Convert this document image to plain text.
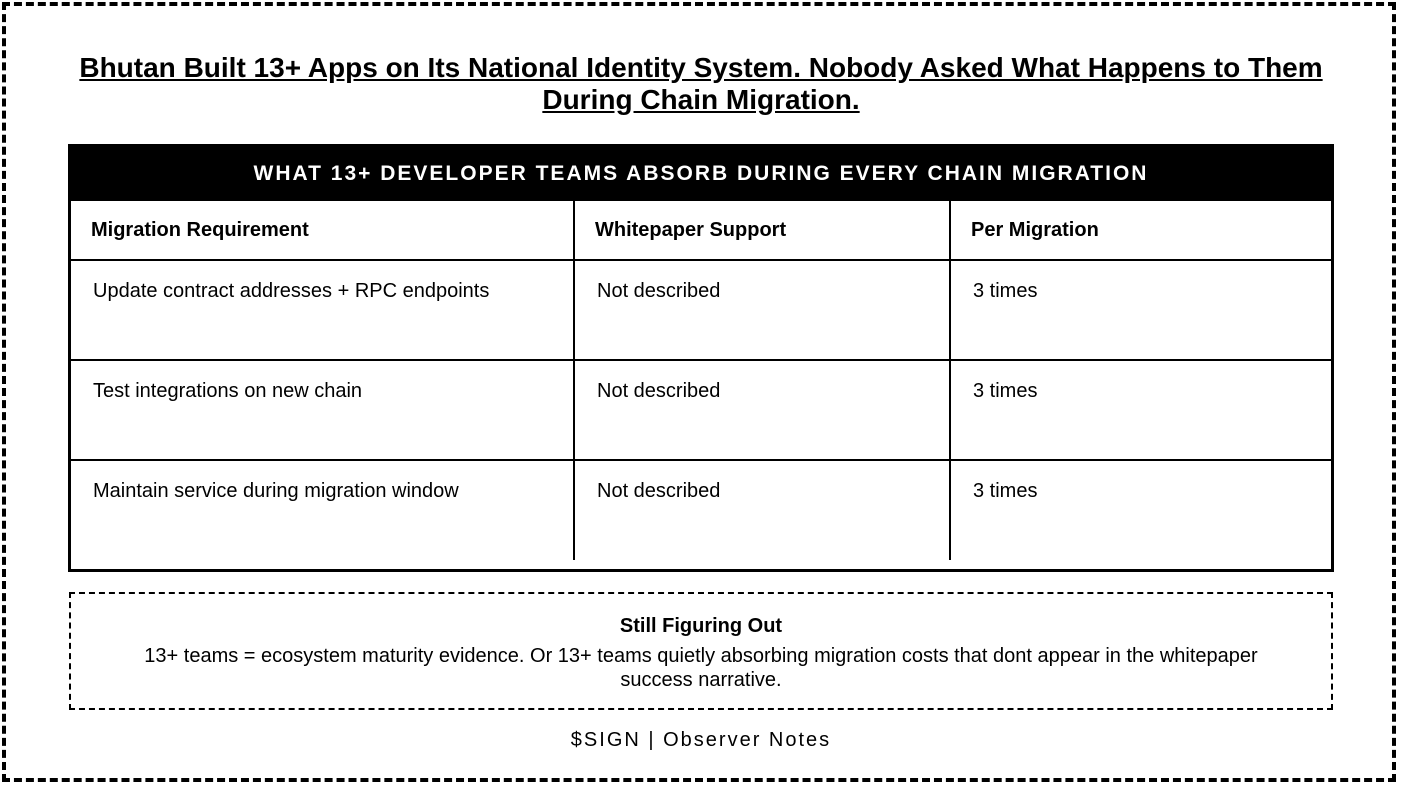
Bhutan Built 13+ Apps on Its National Identity System. Nobody Asked What Happens to Them During Chain Migration.
WHAT 13+ DEVELOPER TEAMS ABSORB DURING EVERY CHAIN MIGRATION
Migration Requirement	Whitepaper Support	Per Migration
Update contract addresses + RPC endpoints	Not described	3 times
Test integrations on new chain	Not described	3 times
Maintain service during migration window	Not described	3 times
Still Figuring Out
13+ teams = ecosystem maturity evidence. Or 13+ teams quietly absorbing migration costs that dont appear in the whitepaper success narrative.
$SIGN | Observer Notes
